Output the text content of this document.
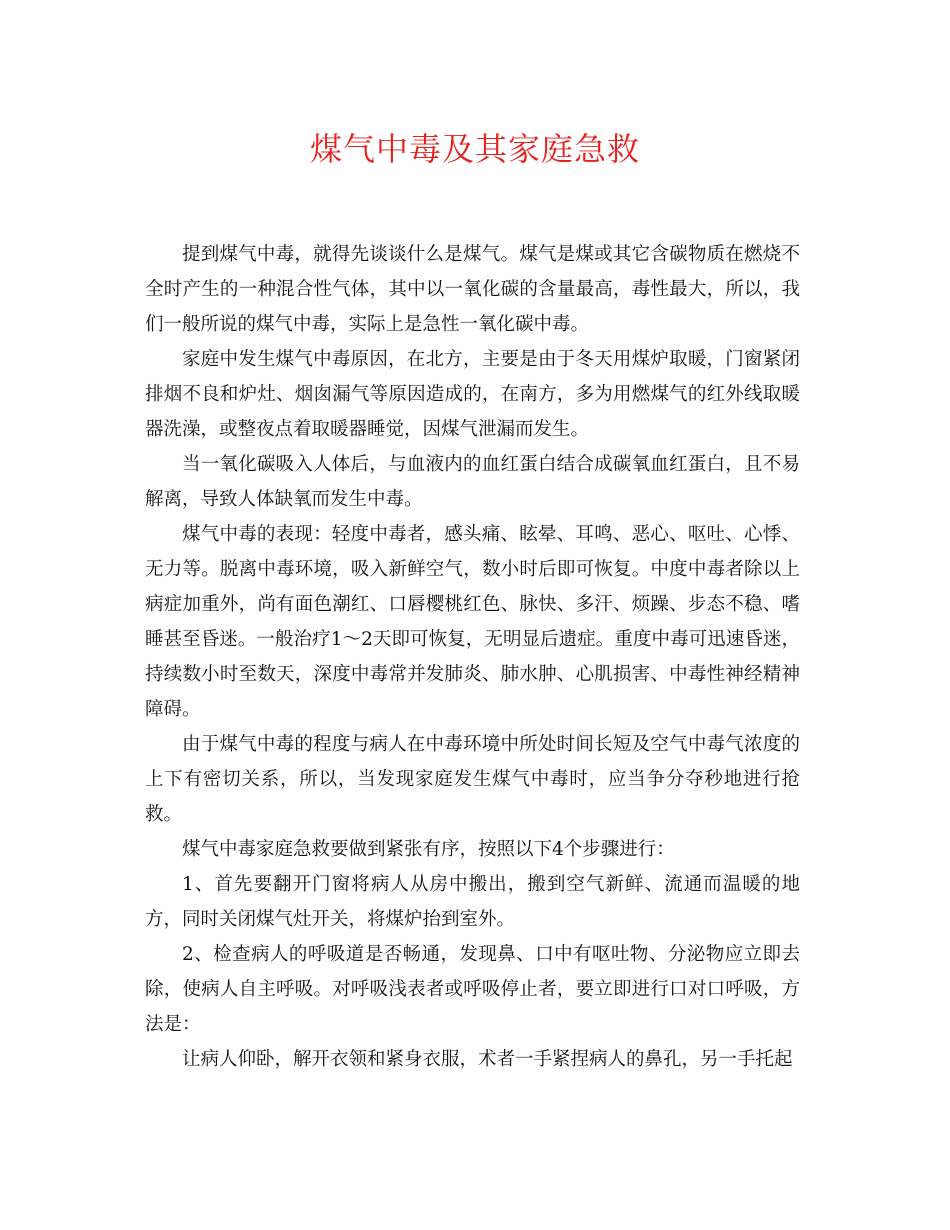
煤气中毒及其家庭急救

提到煤气中毒，就得先谈谈什么是煤气。煤气是煤或其它含碳物质在燃烧不全时产生的一种混合性气体，其中以一氧化碳的含量最高，毒性最大，所以，我们一般所说的煤气中毒，实际上是急性一氧化碳中毒。

家庭中发生煤气中毒原因，在北方，主要是由于冬天用煤炉取暖，门窗紧闭排烟不良和炉灶、烟囱漏气等原因造成的，在南方，多为用燃煤气的红外线取暖器洗澡，或整夜点着取暖器睡觉，因煤气泄漏而发生。

当一氧化碳吸入人体后，与血液内的血红蛋白结合成碳氧血红蛋白，且不易解离，导致人体缺氧而发生中毒。

煤气中毒的表现：轻度中毒者，感头痛、眩晕、耳鸣、恶心、呕吐、心悸、无力等。脱离中毒环境，吸入新鲜空气，数小时后即可恢复。中度中毒者除以上病症加重外，尚有面色潮红、口唇樱桃红色、脉快、多汗、烦躁、步态不稳、嗜睡甚至昏迷。一般治疗1～2天即可恢复，无明显后遗症。重度中毒可迅速昏迷，持续数小时至数天，深度中毒常并发肺炎、肺水肿、心肌损害、中毒性神经精神障碍。

由于煤气中毒的程度与病人在中毒环境中所处时间长短及空气中毒气浓度的上下有密切关系，所以，当发现家庭发生煤气中毒时，应当争分夺秒地进行抢救。

煤气中毒家庭急救要做到紧张有序，按照以下4个步骤进行：

1、首先要翻开门窗将病人从房中搬出，搬到空气新鲜、流通而温暖的地方，同时关闭煤气灶开关，将煤炉抬到室外。

2、检查病人的呼吸道是否畅通，发现鼻、口中有呕吐物、分泌物应立即去除，使病人自主呼吸。对呼吸浅表者或呼吸停止者，要立即进行口对口呼吸，方法是：

让病人仰卧，解开衣领和紧身衣服，术者一手紧捏病人的鼻孔，另一手托起
